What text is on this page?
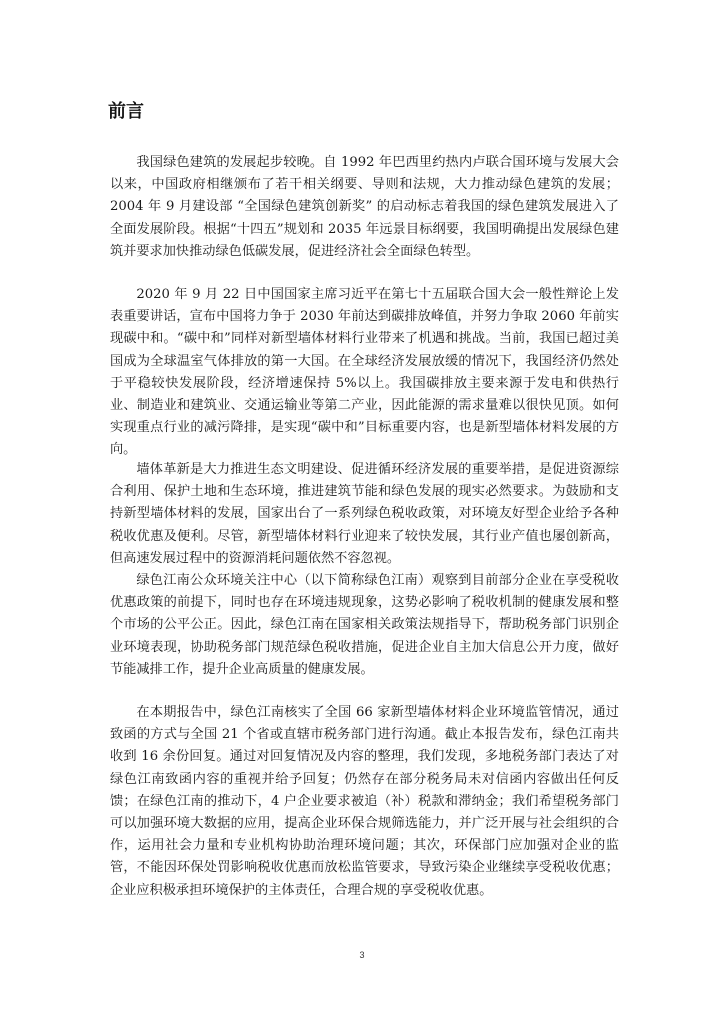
前言

我国绿色建筑的发展起步较晚。自 1992 年巴西里约热内卢联合国环境与发展大会以来，中国政府相继颁布了若干相关纲要、导则和法规，大力推动绿色建筑的发展；2004 年 9 月建设部 “全国绿色建筑创新奖” 的启动标志着我国的绿色建筑发展进入了全面发展阶段。根据“十四五”规划和 2035 年远景目标纲要，我国明确提出发展绿色建筑并要求加快推动绿色低碳发展，促进经济社会全面绿色转型。

2020 年 9 月 22 日中国国家主席习近平在第七十五届联合国大会一般性辩论上发表重要讲话，宣布中国将力争于 2030 年前达到碳排放峰值，并努力争取 2060 年前实现碳中和。“碳中和”同样对新型墙体材料行业带来了机遇和挑战。当前，我国已超过美国成为全球温室气体排放的第一大国。在全球经济发展放缓的情况下，我国经济仍然处于平稳较快发展阶段，经济增速保持 5%以上。我国碳排放主要来源于发电和供热行业、制造业和建筑业、交通运输业等第二产业，因此能源的需求量难以很快见顶。如何实现重点行业的减污降排，是实现“碳中和”目标重要内容，也是新型墙体材料发展的方向。

墙体革新是大力推进生态文明建设、促进循环经济发展的重要举措，是促进资源综合利用、保护土地和生态环境，推进建筑节能和绿色发展的现实必然要求。为鼓励和支持新型墙体材料的发展，国家出台了一系列绿色税收政策，对环境友好型企业给予各种税收优惠及便利。尽管，新型墙体材料行业迎来了较快发展，其行业产值也屡创新高，但高速发展过程中的资源消耗问题依然不容忽视。

绿色江南公众环境关注中心（以下简称绿色江南）观察到目前部分企业在享受税收优惠政策的前提下，同时也存在环境违规现象，这势必影响了税收机制的健康发展和整个市场的公平公正。因此，绿色江南在国家相关政策法规指导下，帮助税务部门识别企业环境表现，协助税务部门规范绿色税收措施，促进企业自主加大信息公开力度，做好节能减排工作，提升企业高质量的健康发展。

在本期报告中，绿色江南核实了全国 66 家新型墙体材料企业环境监管情况，通过致函的方式与全国 21 个省或直辖市税务部门进行沟通。截止本报告发布，绿色江南共收到 16 余份回复。通过对回复情况及内容的整理，我们发现，多地税务部门表达了对绿色江南致函内容的重视并给予回复；仍然存在部分税务局未对信函内容做出任何反馈；在绿色江南的推动下，4 户企业要求被追（补）税款和滞纳金；我们希望税务部门可以加强环境大数据的应用，提高企业环保合规筛选能力，并广泛开展与社会组织的合作，运用社会力量和专业机构协助治理环境问题；其次，环保部门应加强对企业的监管，不能因环保处罚影响税收优惠而放松监管要求，导致污染企业继续享受税收优惠；企业应积极承担环境保护的主体责任，合理合规的享受税收优惠。

3
